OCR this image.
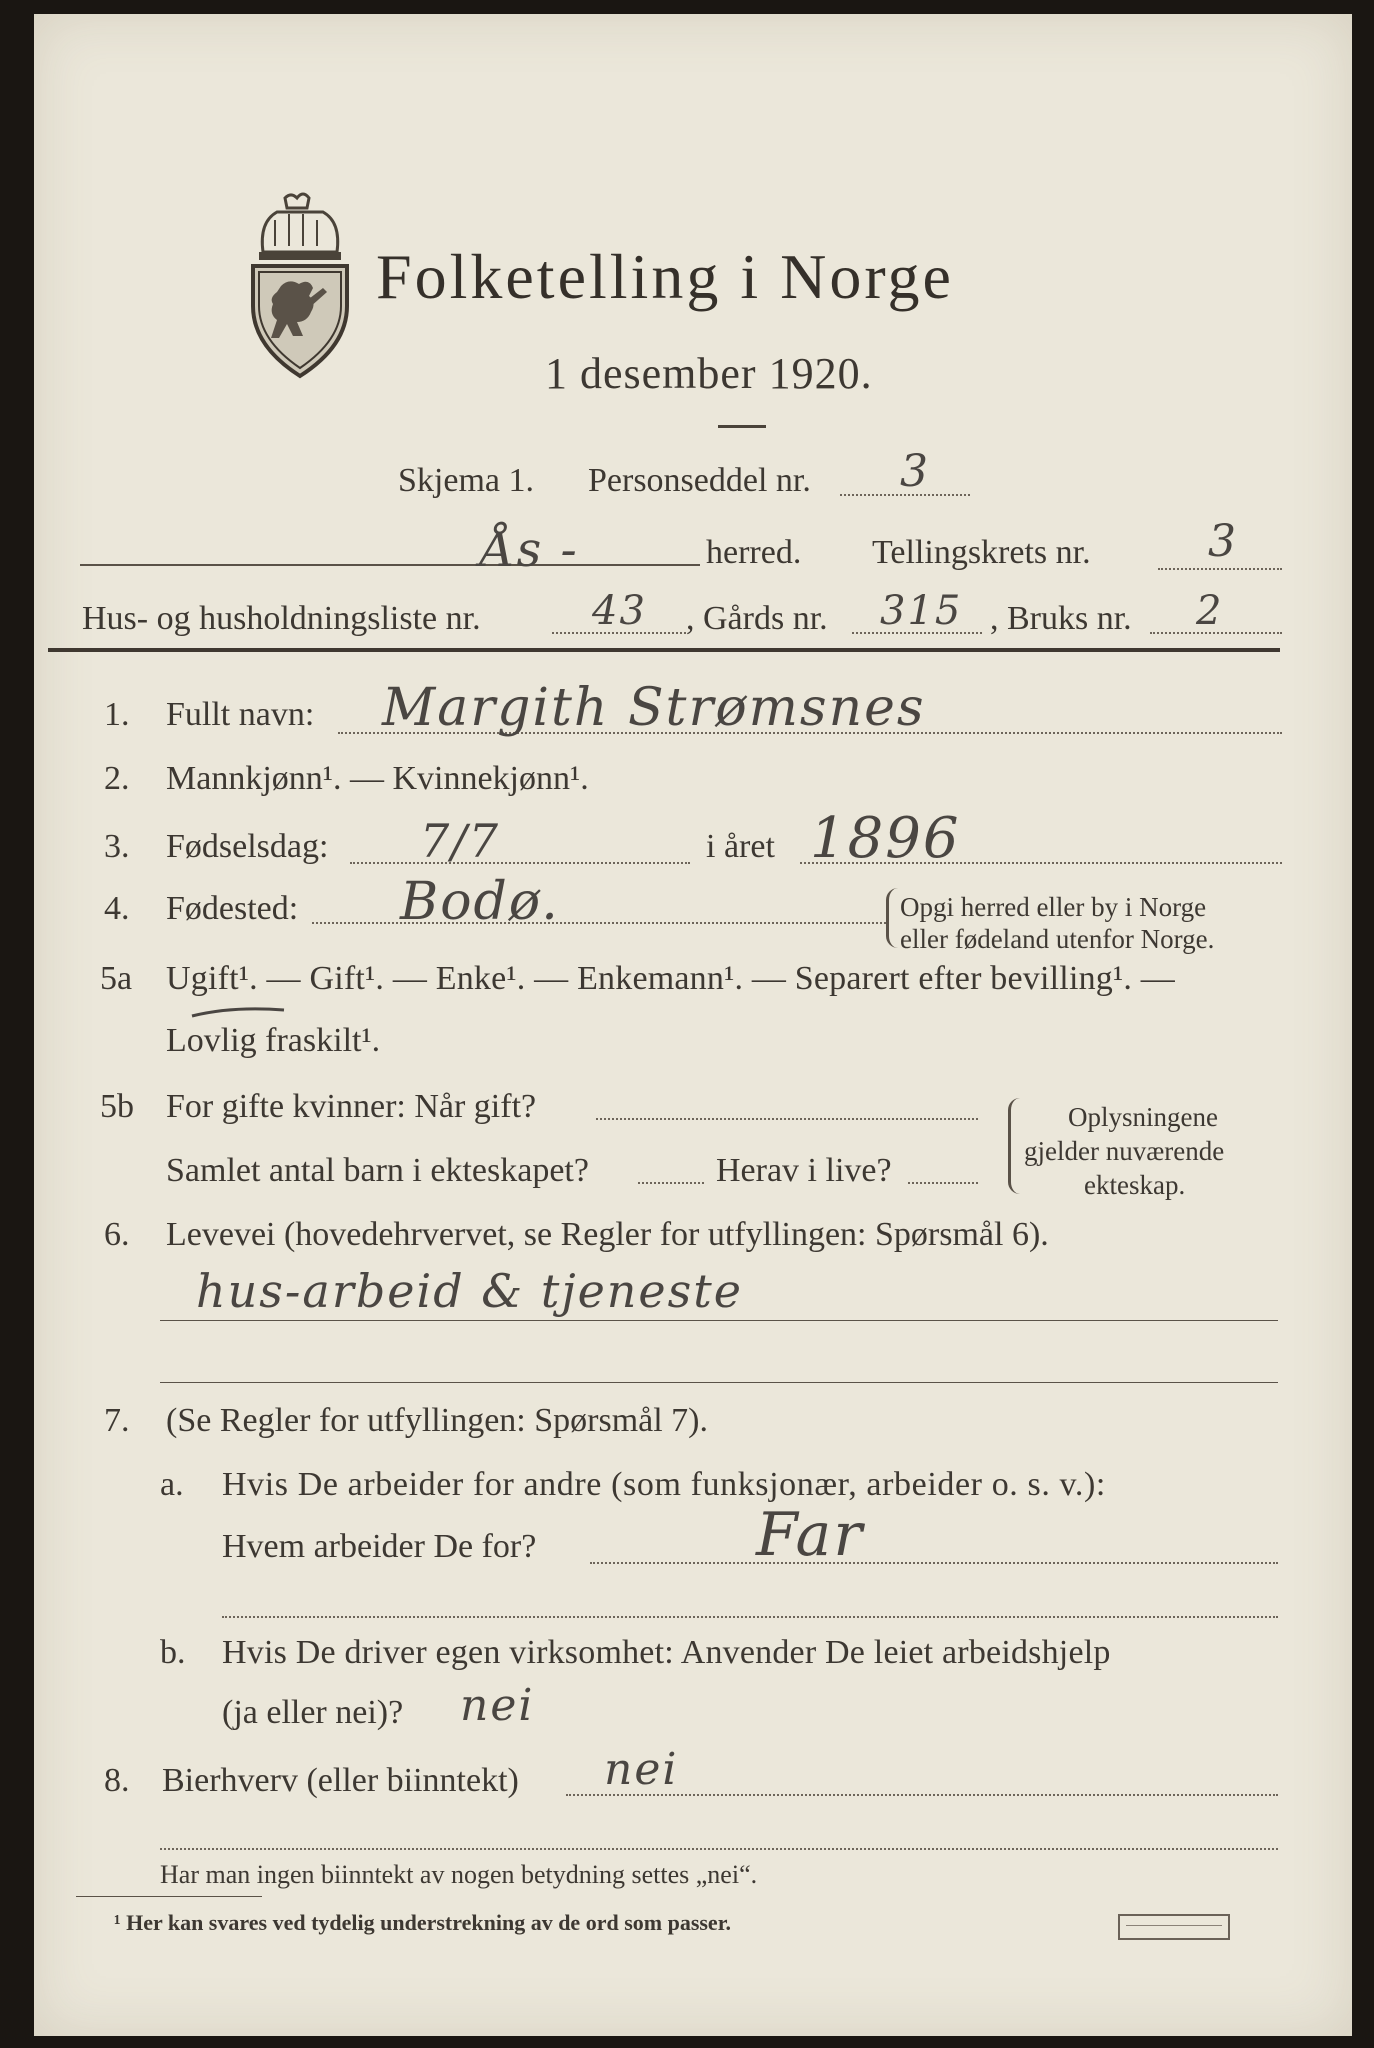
Folketelling i Norge
1 desember 1920.
Skjema 1. Personseddel nr. 3
Ås -	herred. Tellingskrets nr.	3
Hus- og husholdningsliste nr.	43 , Gårds nr. 315 , Bruks nr. 2
1. Fullt navn: Margith Strømsnes
2. Mannkjønn¹. — Kvinnekjønn¹.
3. Fødselsdag: 7/7	i året 1896
4. Fødested: Bodø.	Opgi herred eller by i Norge
eller fødeland utenfor Norge.
5a Ugift¹. — Gift¹. — Enke¹. — Enkemann¹. — Separert efter bevilling¹. —
Lovlig fraskilt¹.
5b For gifte kvinner: Når gift?
Samlet antal barn i ekteskapet?	Herav i live?
Oplysningene
gjelder nuværende
ekteskap.
6. Levevei (hovedehrvervet, se Regler for utfyllingen: Spørsmål 6).
hus-arbeid & tjeneste
7. (Se Regler for utfyllingen: Spørsmål 7).
a. Hvis De arbeider for andre (som funksjonær, arbeider o. s. v.):
Hvem arbeider De for?	Far
b. Hvis De driver egen virksomhet: Anvender De leiet arbeidshjelp
(ja eller nei)? nei
8. Bierhverv (eller biinntekt) nei
Har man ingen biinntekt av nogen betydning settes „nei“.
¹ Her kan svares ved tydelig understrekning av de ord som passer.
